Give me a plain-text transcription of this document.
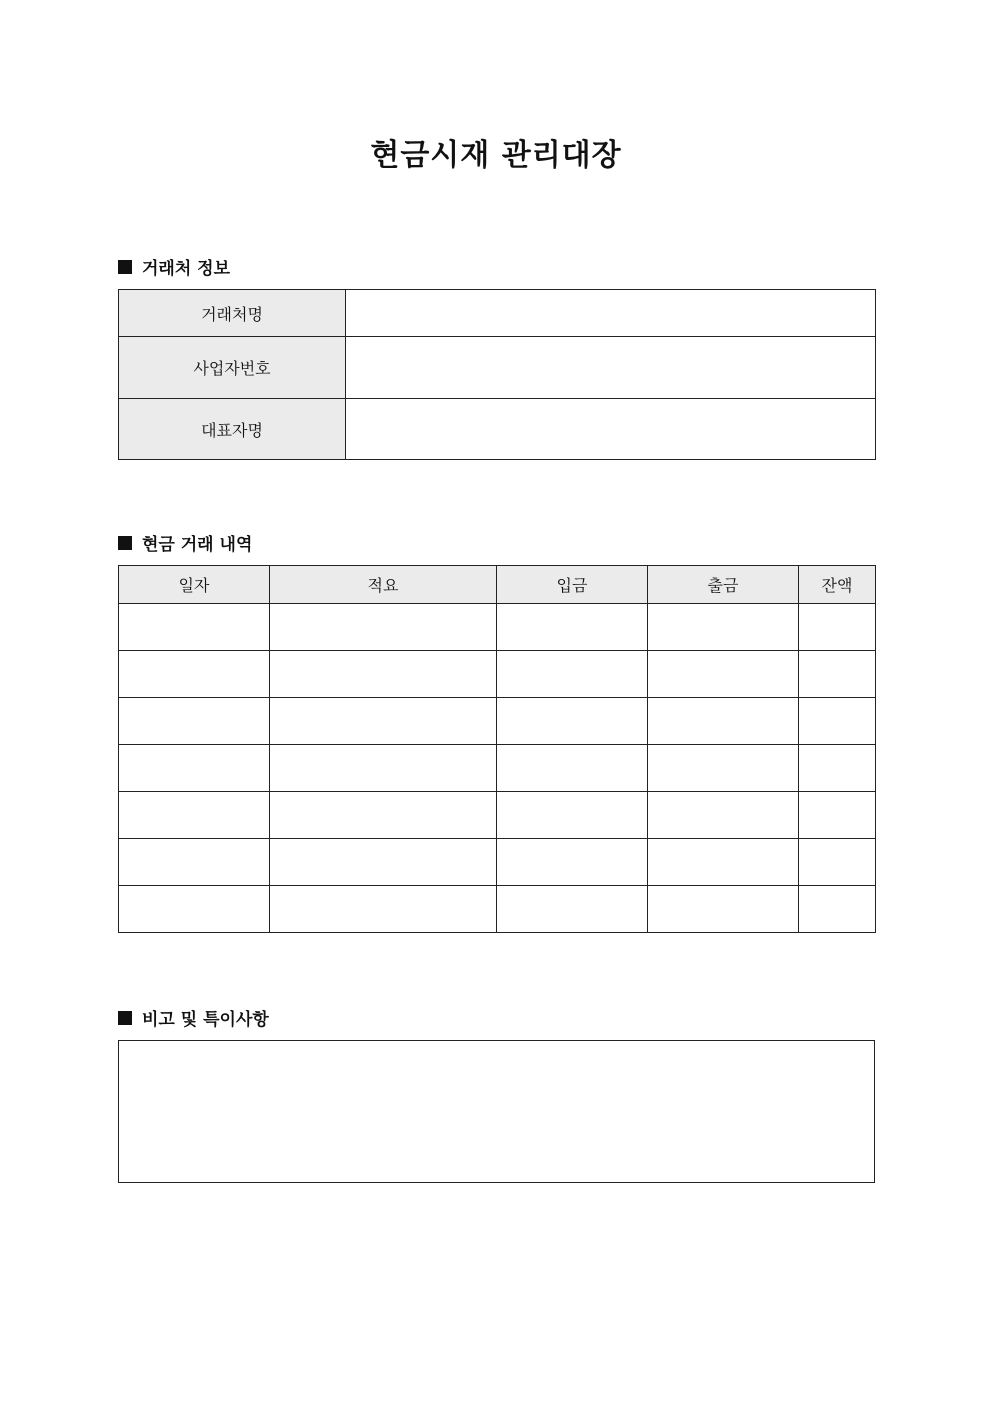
현금시재 관리대장
거래처 정보
거래처명	
사업자번호	
대표자명	
현금 거래 내역
일자	적요	입금	출금	잔액

비고 및 특이사항
